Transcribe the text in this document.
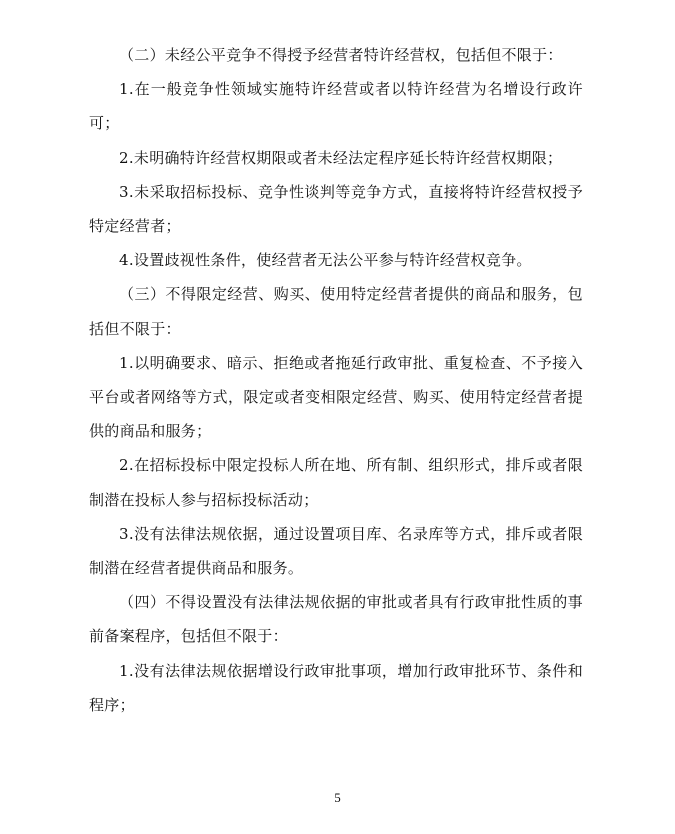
（二）未经公平竞争不得授予经营者特许经营权，包括但不限于：

1.在一般竞争性领域实施特许经营或者以特许经营为名增设行政许可；

2.未明确特许经营权期限或者未经法定程序延长特许经营权期限；

3.未采取招标投标、竞争性谈判等竞争方式，直接将特许经营权授予特定经营者；

4.设置歧视性条件，使经营者无法公平参与特许经营权竞争。

（三）不得限定经营、购买、使用特定经营者提供的商品和服务，包括但不限于：

1.以明确要求、暗示、拒绝或者拖延行政审批、重复检查、不予接入平台或者网络等方式，限定或者变相限定经营、购买、使用特定经营者提供的商品和服务；

2.在招标投标中限定投标人所在地、所有制、组织形式，排斥或者限制潜在投标人参与招标投标活动；

3.没有法律法规依据，通过设置项目库、名录库等方式，排斥或者限制潜在经营者提供商品和服务。

（四）不得设置没有法律法规依据的审批或者具有行政审批性质的事前备案程序，包括但不限于：

1.没有法律法规依据增设行政审批事项，增加行政审批环节、条件和程序；

5
